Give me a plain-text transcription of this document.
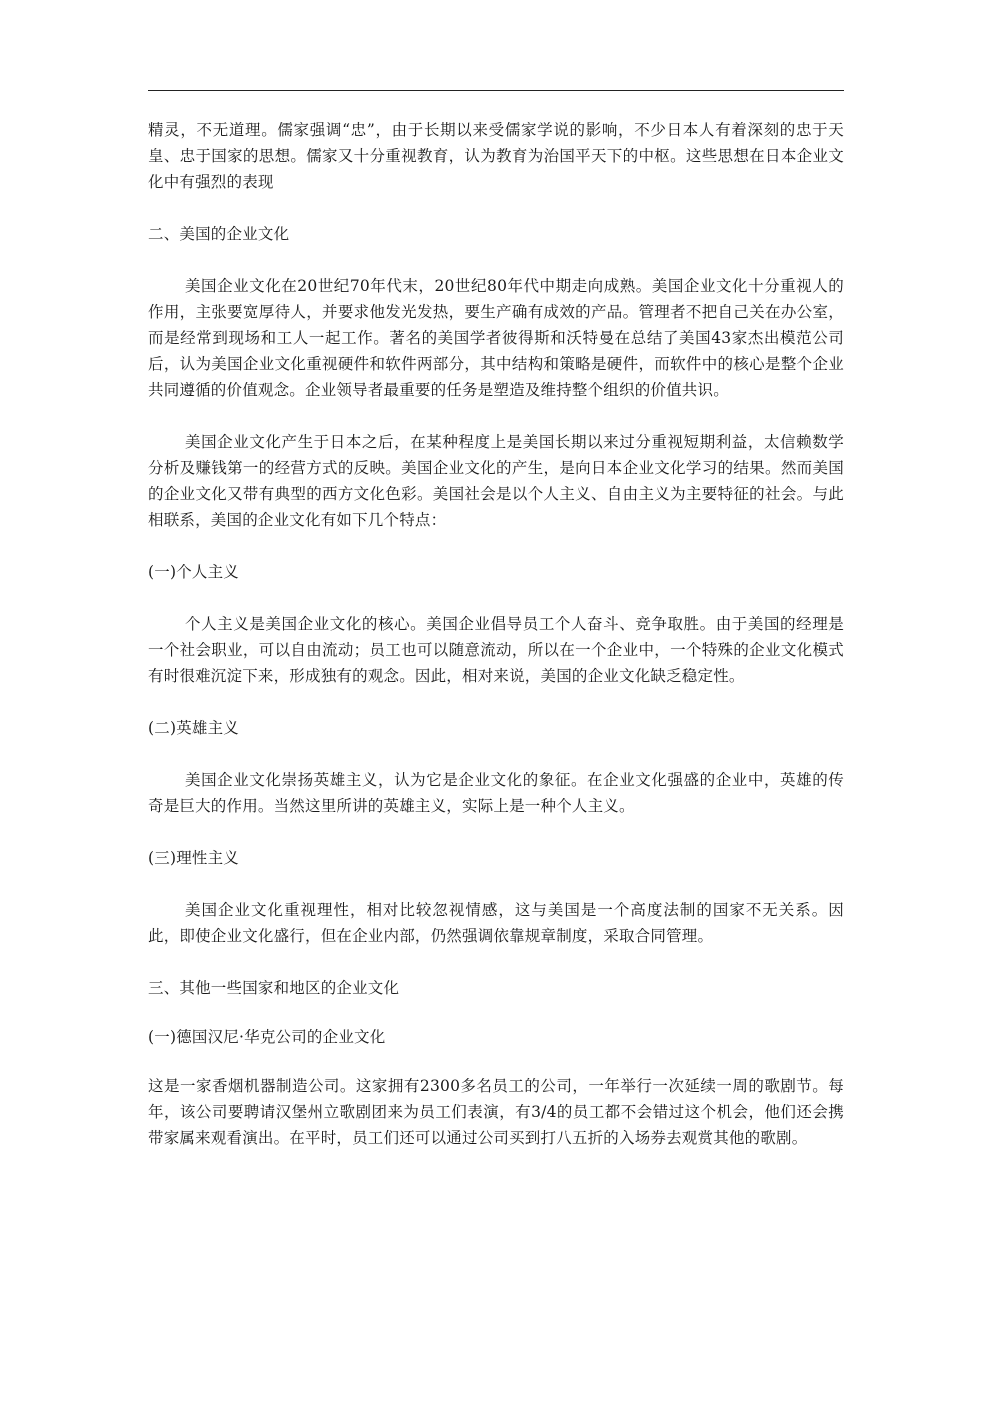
精灵，不无道理。儒家强调“忠”，由于长期以来受儒家学说的影响，不少日本人有着深刻的忠于天皇、忠于国家的思想。儒家又十分重视教育，认为教育为治国平天下的中枢。这些思想在日本企业文化中有强烈的表现

二、美国的企业文化

美国企业文化在20世纪70年代末，20世纪80年代中期走向成熟。美国企业文化十分重视人的作用，主张要宽厚待人，并要求他发光发热，要生产确有成效的产品。管理者不把自己关在办公室，而是经常到现场和工人一起工作。著名的美国学者彼得斯和沃特曼在总结了美国43家杰出模范公司后，认为美国企业文化重视硬件和软件两部分，其中结构和策略是硬件，而软件中的核心是整个企业共同遵循的价值观念。企业领导者最重要的任务是塑造及维持整个组织的价值共识。

美国企业文化产生于日本之后，在某种程度上是美国长期以来过分重视短期利益，太信赖数学分析及赚钱第一的经营方式的反映。美国企业文化的产生，是向日本企业文化学习的结果。然而美国的企业文化又带有典型的西方文化色彩。美国社会是以个人主义、自由主义为主要特征的社会。与此相联系，美国的企业文化有如下几个特点：

(一)个人主义

个人主义是美国企业文化的核心。美国企业倡导员工个人奋斗、竞争取胜。由于美国的经理是一个社会职业，可以自由流动；员工也可以随意流动，所以在一个企业中，一个特殊的企业文化模式有时很难沉淀下来，形成独有的观念。因此，相对来说，美国的企业文化缺乏稳定性。

(二)英雄主义

美国企业文化崇扬英雄主义，认为它是企业文化的象征。在企业文化强盛的企业中，英雄的传奇是巨大的作用。当然这里所讲的英雄主义，实际上是一种个人主义。

(三)理性主义

美国企业文化重视理性，相对比较忽视情感，这与美国是一个高度法制的国家不无关系。因此，即使企业文化盛行，但在企业内部，仍然强调依靠规章制度，采取合同管理。

三、其他一些国家和地区的企业文化

(一)德国汉尼·华克公司的企业文化

这是一家香烟机器制造公司。这家拥有2300多名员工的公司，一年举行一次延续一周的歌剧节。每年，该公司要聘请汉堡州立歌剧团来为员工们表演，有3/4的员工都不会错过这个机会，他们还会携带家属来观看演出。在平时，员工们还可以通过公司买到打八五折的入场券去观赏其他的歌剧。
